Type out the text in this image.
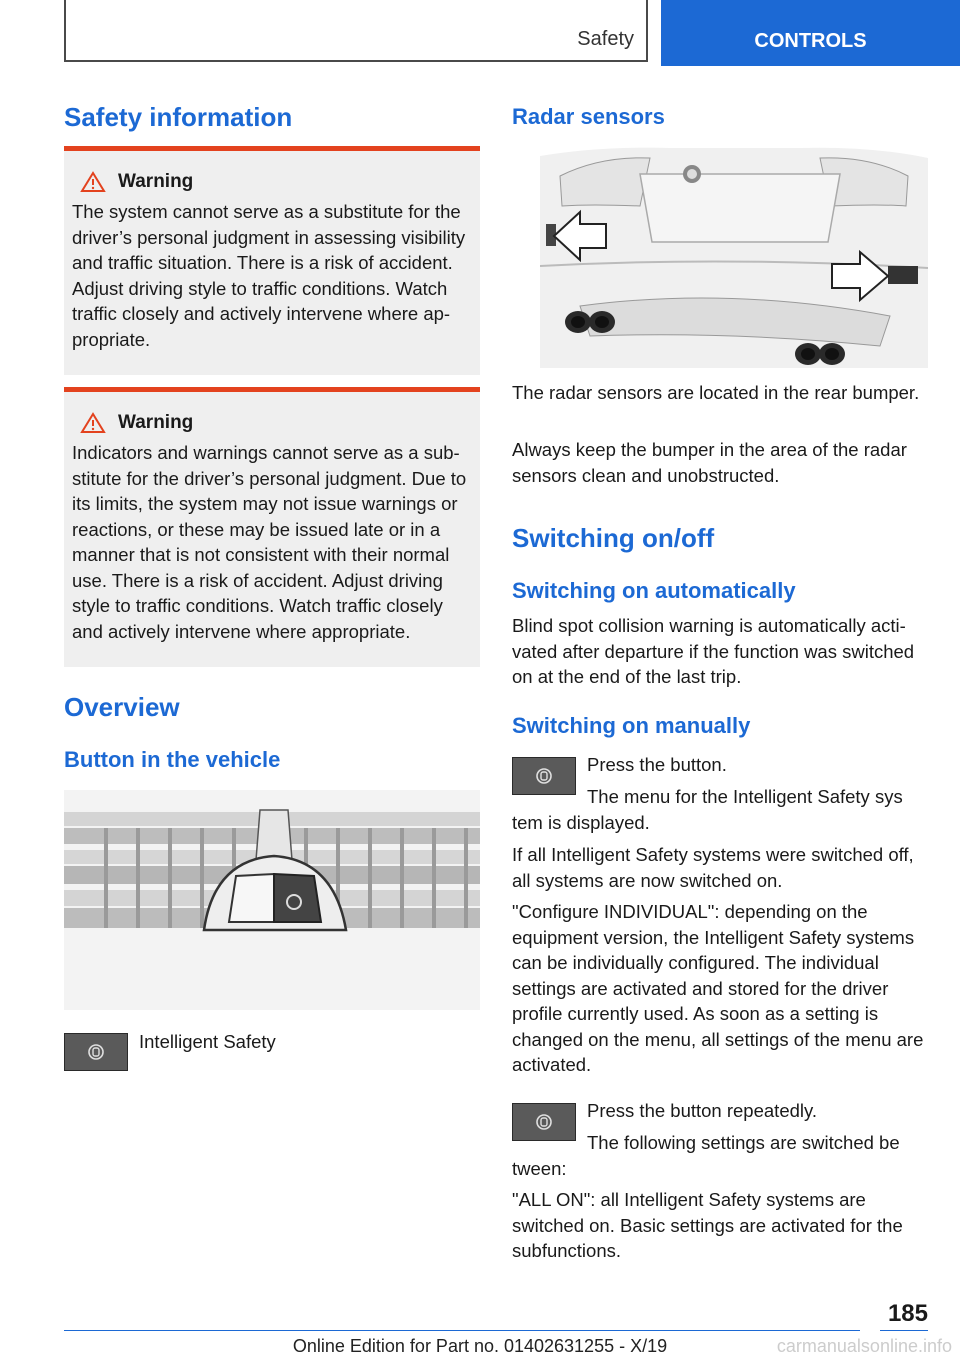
Safety	CONTROLS
Safety information
Warning
The system cannot serve as a substitute for the driver’s personal judgment in assessing visibility and traffic situation. There is a risk of accident. Adjust driving style to traffic conditions. Watch traffic closely and actively intervene where appropriate.
Warning
Indicators and warnings cannot serve as a substitute for the driver’s personal judgment. Due to its limits, the system may not issue warnings or reactions, or these may be issued late or in a manner that is not consistent with their normal use. There is a risk of accident. Adjust driving style to traffic conditions. Watch traffic closely and actively intervene where appropriate.
Overview
Button in the vehicle

Intelligent Safety

Radar sensors

The radar sensors are located in the rear bumper.

Always keep the bumper in the area of the radar sensors clean and unobstructed.

Switching on/off
Switching on automatically

Blind spot collision warning is automatically activated after departure if the function was switched on at the end of the last trip.

Switching on manually

Press the button.

The menu for the Intelligent Safety sys

tem is displayed.

If all Intelligent Safety systems were switched off, all systems are now switched on.

"Configure INDIVIDUAL": depending on the equipment version, the Intelligent Safety systems can be individually configured. The individual settings are activated and stored for the driver profile currently used. As soon as a setting is changed on the menu, all settings of the menu are activated.

Press the button repeatedly.

The following settings are switched be

tween:

"ALL ON": all Intelligent Safety systems are switched on. Basic settings are activated for the subfunctions.

185
Online Edition for Part no. 01402631255 - X/19	carmanualsonline.info
